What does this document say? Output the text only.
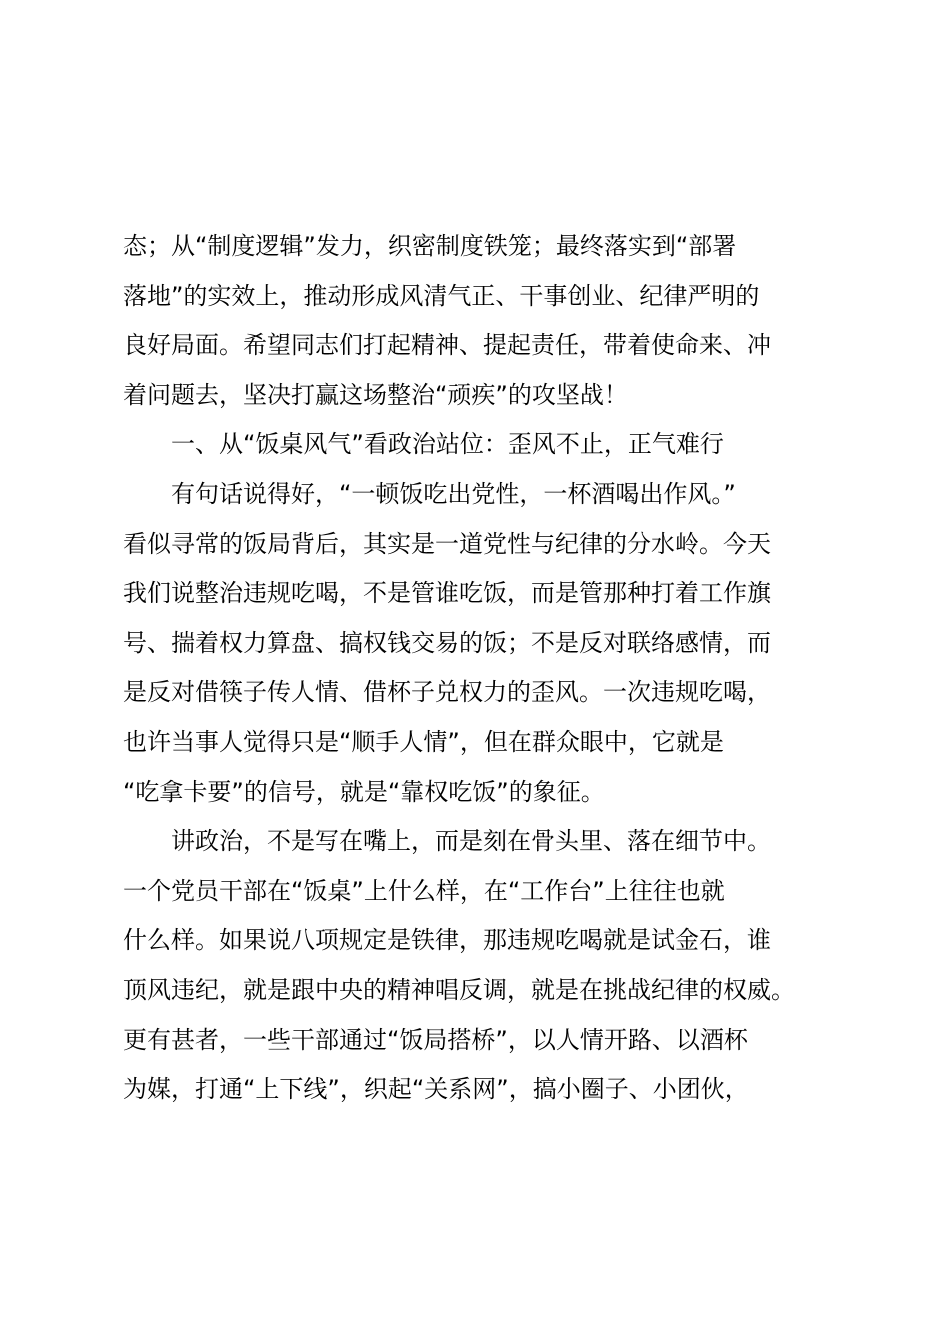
态；从“制度逻辑”发力，织密制度铁笼；最终落实到“部署
落地”的实效上，推动形成风清气正、干事创业、纪律严明的
良好局面。希望同志们打起精神、提起责任，带着使命来、冲
着问题去，坚决打赢这场整治“顽疾”的攻坚战！
一、从“饭桌风气”看政治站位：歪风不止，正气难行
有句话说得好，“一顿饭吃出党性，一杯酒喝出作风。”
看似寻常的饭局背后，其实是一道党性与纪律的分水岭。今天
我们说整治违规吃喝，不是管谁吃饭，而是管那种打着工作旗
号、揣着权力算盘、搞权钱交易的饭；不是反对联络感情，而
是反对借筷子传人情、借杯子兑权力的歪风。一次违规吃喝，
也许当事人觉得只是“顺手人情”，但在群众眼中，它就是
“吃拿卡要”的信号，就是“靠权吃饭”的象征。
讲政治，不是写在嘴上，而是刻在骨头里、落在细节中。
一个党员干部在“饭桌”上什么样，在“工作台”上往往也就
什么样。如果说八项规定是铁律，那违规吃喝就是试金石，谁
顶风违纪，就是跟中央的精神唱反调，就是在挑战纪律的权威。
更有甚者，一些干部通过“饭局搭桥”，以人情开路、以酒杯
为媒，打通“上下线”，织起“关系网”，搞小圈子、小团伙，
